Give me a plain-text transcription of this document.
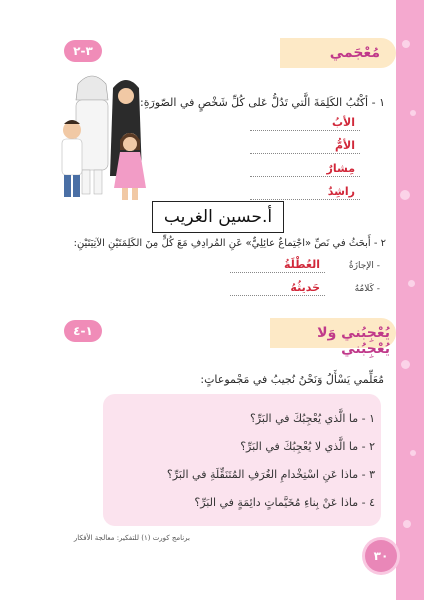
٣-٢	مُعْجَمي
١ - أكْتُبُ الكَلِمَةَ الَّتي تَدُلُّ عَلى كُلِّ شَخْصٍ في الصّورَةِ:
الأبُ
الأمُّ
مِشارٌ
راشِدٌ
أ.حسين الغريب
٢ - أَبحَثُ في نَصِّ «اجْتِماعٌ عائِلِيٌّ» عَنِ المُرادِفِ مَعَ كُلٍّ مِنَ الكَلِمَتَيْنِ الآتِيَتَيْنِ:
- الإجازَةُ
العُطْلَةُ
- كَلامُهُ
حَديثُهُ
١-٤	يُعْجِبُني وَلا يُعْجِبُني
مُعَلِّمي يَسْأَلُ وَنَحْنُ نُجيبُ في مَجْموعاتٍ:
١ - ما الَّذي يُعْجِبُكَ في البَرِّ؟
٢ - ما الَّذي لا يُعْجِبُكَ في البَرِّ؟
٣ - ماذا عَنِ اسْتِخْدامِ الغُرَفِ المُتَنَقِّلَةِ في البَرِّ؟
٤ - ماذا عَنْ بِناءِ مُخَيَّماتٍ دائِمَةٍ في البَرِّ؟
برنامج كورت (١) للتفكير: معالجة الأفكار
٣٠
